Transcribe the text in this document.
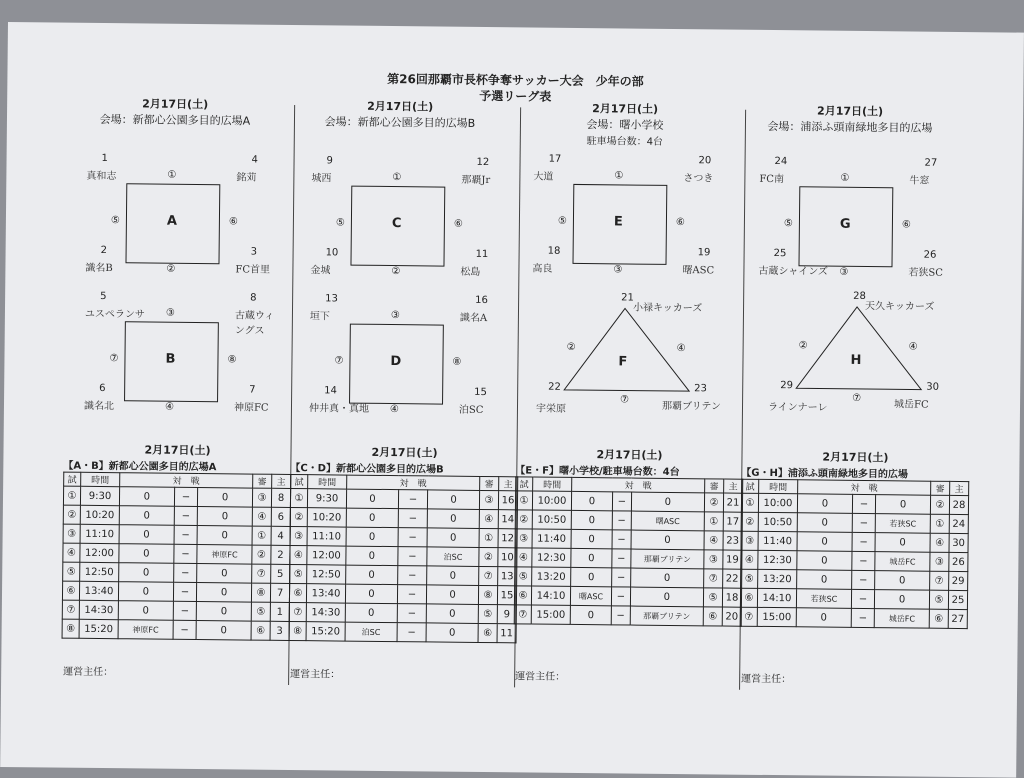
第26回那覇市長杯争奪サッカー大会　少年の部
予選リーグ表
2月17日(土)
会場：新都心公園多目的広場A
2月17日(土)
会場：新都心公園多目的広場B
2月17日(土)
会場：曙小学校
駐車場台数：4台
2月17日(土)
会場：浦添ふ頭南緑地多目的広場
A
1
真和志
4
銘苅
2
識名B
3
FC首里
①
⑥
②
⑤
B
5
ユスペランサ
8
古蔵ウィングス
6
識名北
7
神原FC
③
⑧
④
⑦
C
9
城西
12
那覇Jr
10
金城
11
松島
①
⑥
②
⑤
D
13
垣下
16
識名A
14
仲井真・真地
15
泊SC
③
⑧
④
⑦
E
17
大道
20
さつき
18
高良
19
曙ASC
①
⑥
③
⑤
F
21
小禄キッカーズ
22
宇栄原
23
那覇ブリテン
②	④
⑦
G
24
FC南
27
牛窓
25
古蔵シャインズ
26
若狭SC
①
⑥
③
⑤
H
28
天久キッカーズ
29
ラインナーレ
30
城岳FC
②	④
⑦
2月17日(土)
【A・B】新都心公園多目的広場A
試	時間	対　戦			審	主
①	9:30	0	−	0	③	8
②	10:20	0	−	0	④	6
③	11:10	0	−	0	①	4
④	12:00	0	−	神原FC	②	2
⑤	12:50	0	−	0	⑦	5
⑥	13:40	0	−	0	⑧	7
⑦	14:30	0	−	0	⑤	1
⑧	15:20	神原FC	−	0	⑥	3
運営主任：
2月17日(土)
【C・D】新都心公園多目的広場B
試	時間	対　戦			審	主
①	9:30	0	−	0	③	16
②	10:20	0	−	0	④	14
③	11:10	0	−	0	①	12
④	12:00	0	−	泊SC	②	10
⑤	12:50	0	−	0	⑦	13
⑥	13:40	0	−	0	⑧	15
⑦	14:30	0	−	0	⑤	9
⑧	15:20	泊SC	−	0	⑥	11
運営主任：
2月17日(土)
【E・F】曙小学校/駐車場台数：4台
試	時間	対　戦			審	主
①	10:00	0	−	0	②	21
②	10:50	0	−	曙ASC	①	17
③	11:40	0	−	0	④	23
④	12:30	0	−	那覇ブリテン	③	19
⑤	13:20	0	−	0	⑦	22
⑥	14:10	曙ASC	−	0	⑤	18
⑦	15:00	0	−	那覇ブリテン	⑥	20
運営主任：
2月17日(土)
【G・H】浦添ふ頭南緑地多目的広場
試	時間	対　戦			審	主
①	10:00	0	−	0	②	28
②	10:50	0	−	若狭SC	①	24
③	11:40	0	−	0	④	30
④	12:30	0	−	城岳FC	③	26
⑤	13:20	0	−	0	⑦	29
⑥	14:10	若狭SC	−	0	⑤	25
⑦	15:00	0	−	城岳FC	⑥	27
運営主任：
